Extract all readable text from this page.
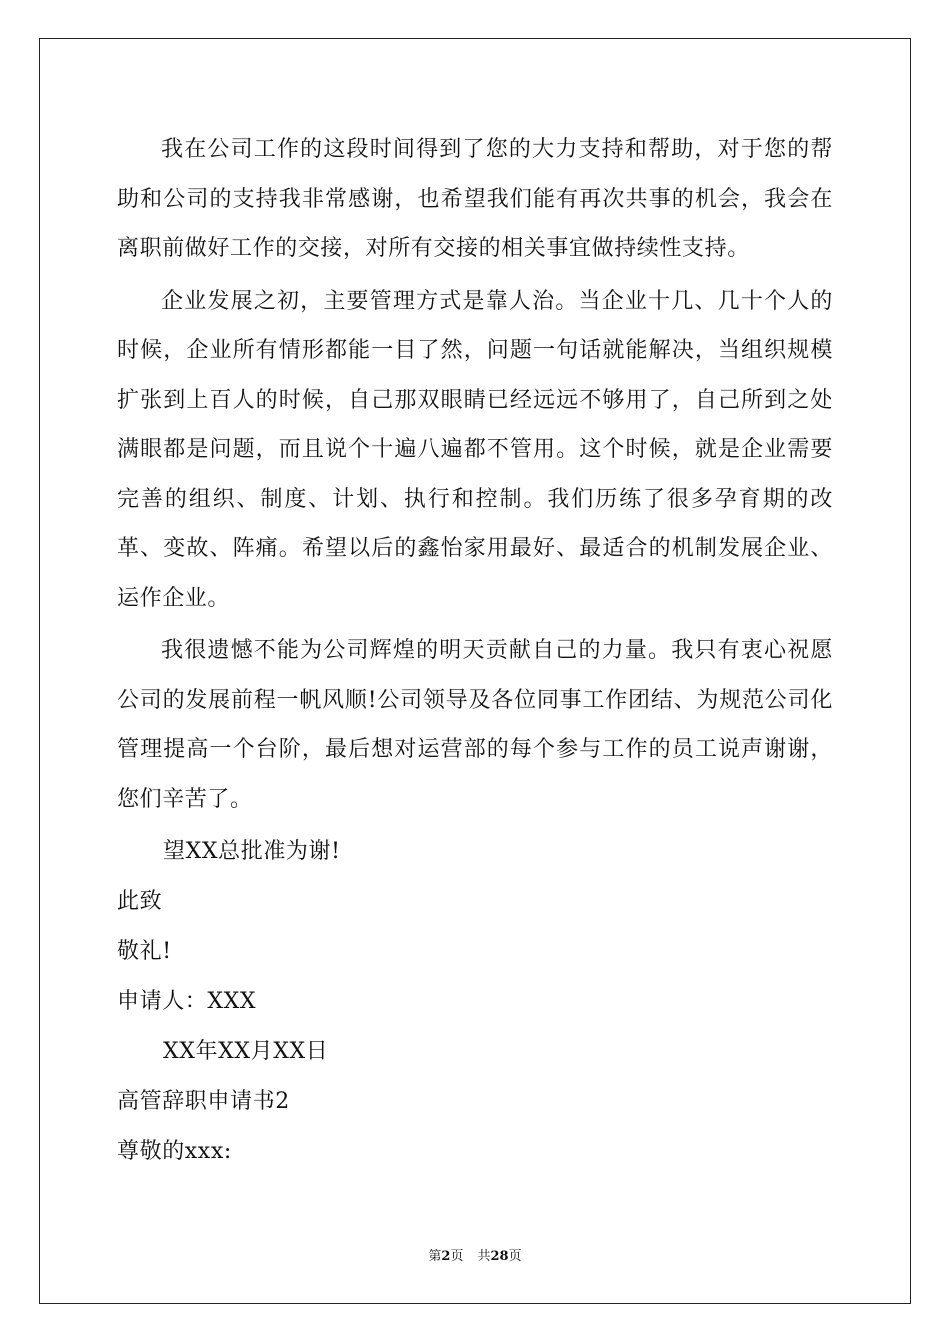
我在公司工作的这段时间得到了您的大力支持和帮助，对于您的帮助和公司的支持我非常感谢，也希望我们能有再次共事的机会，我会在离职前做好工作的交接，对所有交接的相关事宜做持续性支持。

企业发展之初，主要管理方式是靠人治。当企业十几、几十个人的时候，企业所有情形都能一目了然，问题一句话就能解决，当组织规模扩张到上百人的时候，自己那双眼睛已经远远不够用了，自己所到之处满眼都是问题，而且说个十遍八遍都不管用。这个时候，就是企业需要完善的组织、制度、计划、执行和控制。我们历练了很多孕育期的改革、变故、阵痛。希望以后的鑫怡家用最好、最适合的机制发展企业、运作企业。

我很遗憾不能为公司辉煌的明天贡献自己的力量。我只有衷心祝愿公司的发展前程一帆风顺!公司领导及各位同事工作团结、为规范公司化管理提高一个台阶，最后想对运营部的每个参与工作的员工说声谢谢，您们辛苦了。

望XX总批准为谢!

此致

敬礼!

申请人：XXX

XX年XX月XX日

高管辞职申请书2

尊敬的xxx:

第2页 共28页
